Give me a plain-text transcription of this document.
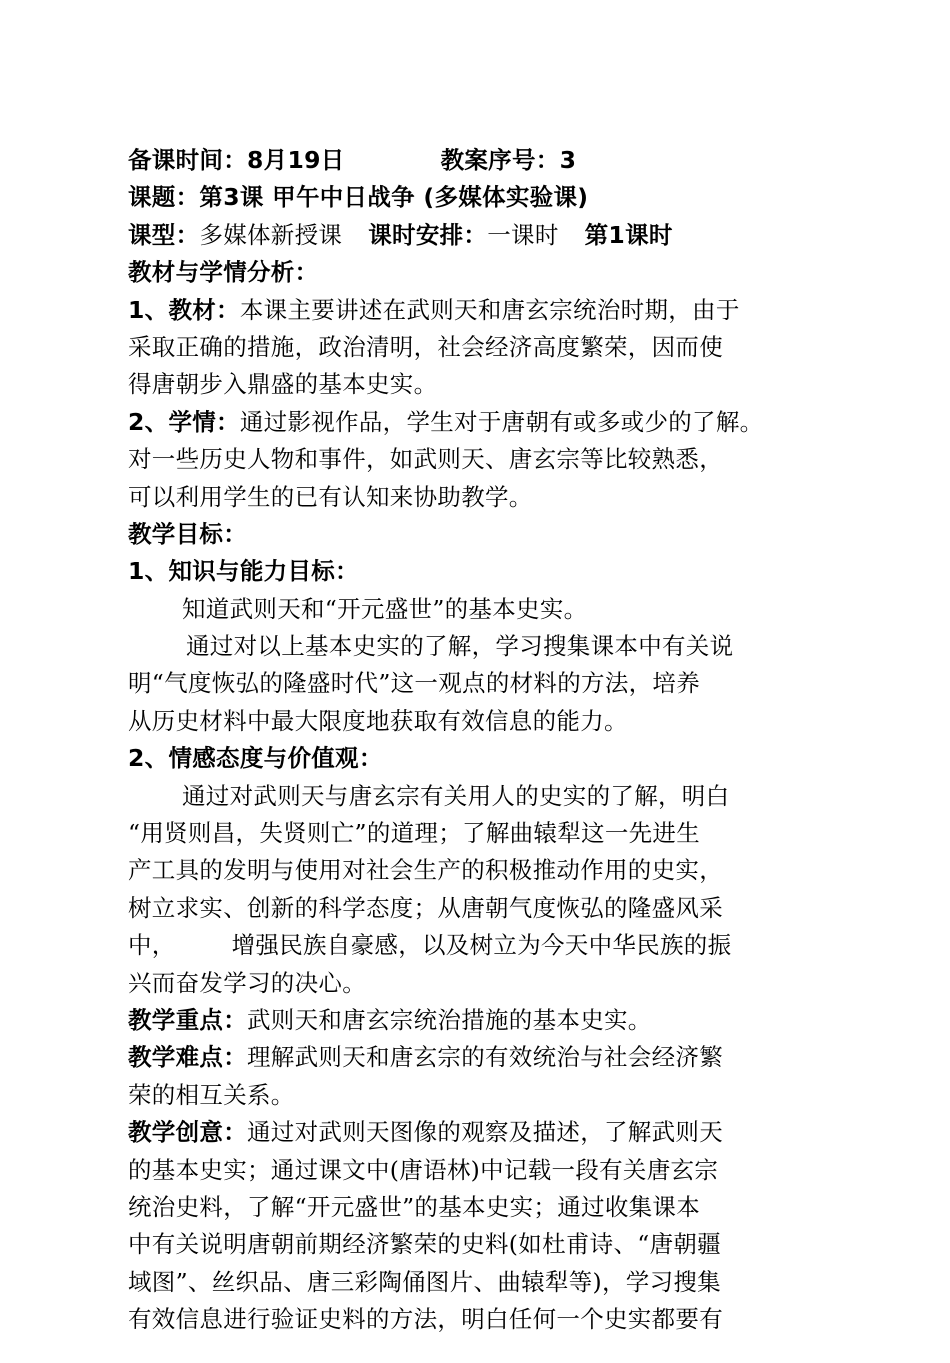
备课时间：8月19日	教案序号：3
课题：第3课 甲午中日战争 (多媒体实验课)
课型：多媒体新授课 课时安排：一课时 第1课时
教材与学情分析：
1、教材：本课主要讲述在武则天和唐玄宗统治时期，由于
采取正确的措施，政治清明，社会经济高度繁荣，因而使
得唐朝步入鼎盛的基本史实。
2、学情：通过影视作品，学生对于唐朝有或多或少的了解。
对一些历史人物和事件，如武则天、唐玄宗等比较熟悉，
可以利用学生的已有认知来协助教学。
教学目标：
1、知识与能力目标：
知道武则天和“开元盛世”的基本史实。
通过对以上基本史实的了解，学习搜集课本中有关说
明“气度恢弘的隆盛时代”这一观点的材料的方法，培养
从历史材料中最大限度地获取有效信息的能力。
2、情感态度与价值观：
通过对武则天与唐玄宗有关用人的史实的了解，明白
“用贤则昌，失贤则亡”的道理；了解曲辕犁这一先进生
产工具的发明与使用对社会生产的积极推动作用的史实，
树立求实、创新的科学态度；从唐朝气度恢弘的隆盛风采
中， 增强民族自豪感，以及树立为今天中华民族的振
兴而奋发学习的决心。
教学重点：武则天和唐玄宗统治措施的基本史实。
教学难点：理解武则天和唐玄宗的有效统治与社会经济繁
荣的相互关系。
教学创意：通过对武则天图像的观察及描述，了解武则天
的基本史实；通过课文中(唐语林)中记载一段有关唐玄宗
统治史料，了解“开元盛世”的基本史实；通过收集课本
中有关说明唐朝前期经济繁荣的史料(如杜甫诗、“唐朝疆
域图”、丝织品、唐三彩陶俑图片、曲辕犁等)，学习搜集
有效信息进行验证史料的方法，明白任何一个史实都要有
